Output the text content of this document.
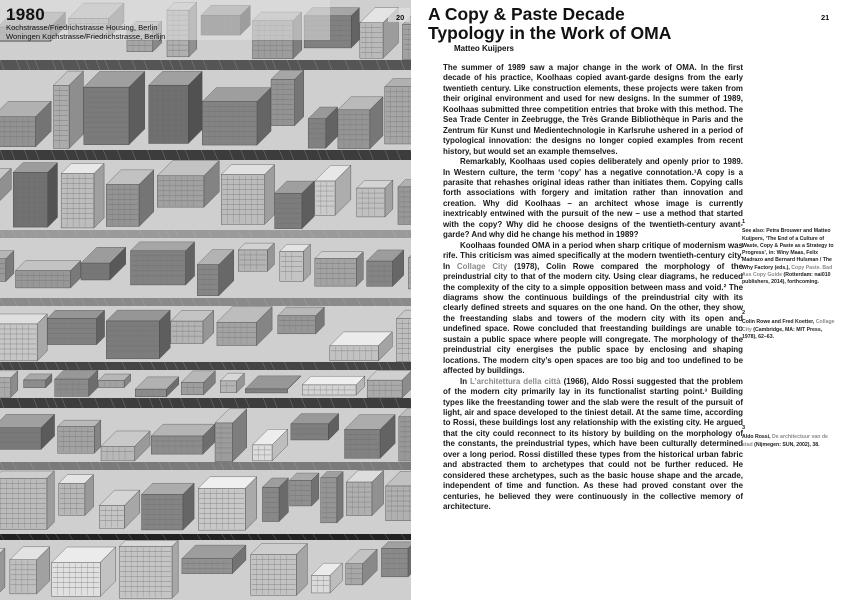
1980
Kochstrasse/Friedrichstrasse Housing, Berlin
Woningen Kochstrasse/Friedrichstrasse, Berlijn
20	21
A Copy & Paste Decade
Typology in the Work of OMA
Matteo Kuijpers

The summer of 1989 saw a major change in the work of OMA. In the first decade of his practice, Koolhaas copied avant-garde designs from the early twentieth century. Like construction elements, these projects were taken from their original environment and used for new designs. In the summer of 1989, Koolhaas submitted three competition entries that broke with this method. The Sea Trade Center in Zeebrugge, the Très Grande Bibliothèque in Paris and the Zentrum für Kunst und Medientechnologie in Karlsruhe ushered in a period of typological innovation: the designs no longer copied examples from recent history, but would set an example themselves.

Remarkably, Koolhaas used copies deliberately and openly prior to 1989. In Western culture, the term ‘copy’ has a negative connotation.¹A copy is a parasite that rehashes original ideas rather than initiates them. Copying calls forth associations with forgery and imitation rather than innovation and creation. Why did Koolhaas – an architect whose image is currently inextricably entwined with the pursuit of the new – use a method that started with the copy? Why did he choose designs of the twentieth-century avant-garde? And why did he change his method in 1989?

Koolhaas founded OMA in a period when sharp critique of modernism was rife. This criticism was aimed specifically at the modern twentieth-century city. In Collage City (1978), Colin Rowe compared the morphology of the preindustrial city to that of the modern city. Using clear diagrams, he reduced the complexity of the city to a simple opposition between mass and void.² The diagrams show the continuous buildings of the preindustrial city with its clearly defined streets and squares on the one hand. On the other, they show the freestanding slabs and towers of the modern city with its open and undefined space. Rowe concluded that freestanding buildings are unable to sustain a public space where people will congregate. The morphology of the preindustrial city energises the public space by enclosing and shaping locations. The modern city’s open spaces are too big and too undefined to be affected by buildings.

In L’architettura della città (1966), Aldo Rossi suggested that the problem of the modern city primarily lay in its functionalist starting point.³ Building types like the freestanding tower and the slab were the result of the pursuit of light, air and space developed to the tiniest detail. At the same time, according to Rossi, these buildings lost any relationship with the existing city. He argued that the city could reconnect to its history by building on the morphology of the constants, the preindustrial types, which have been culturally determined over a long period. Rossi distilled these types from the historical urban fabric and abstracted them to archetypes that could not be further reduced. He considered these archetypes, such as the basic house shape and the arcade, independent of time and function. As these had proved constant over the centuries, he believed they were continuously in the collective memory of architecture.

1
See also: Petra Brouwer and Matteo Kuijpers, ‘The End of a Culture of Waste, Copy & Paste as a Strategy to Progress’, in: Winy Maas, Felix Madrazo and Bernard Hulsman / The Why Factory (eds.), Copy Paste. Bad Ass Copy Guide (Rotterdam: nai010 publishers, 2014), forthcoming.
2
Colin Rowe and Fred Koetter, Collage City (Cambridge, MA: MIT Press, 1978), 62–63.
3
Aldo Rossi, De architectuur van de stad (Nijmegen: SUN, 2002), 38.
